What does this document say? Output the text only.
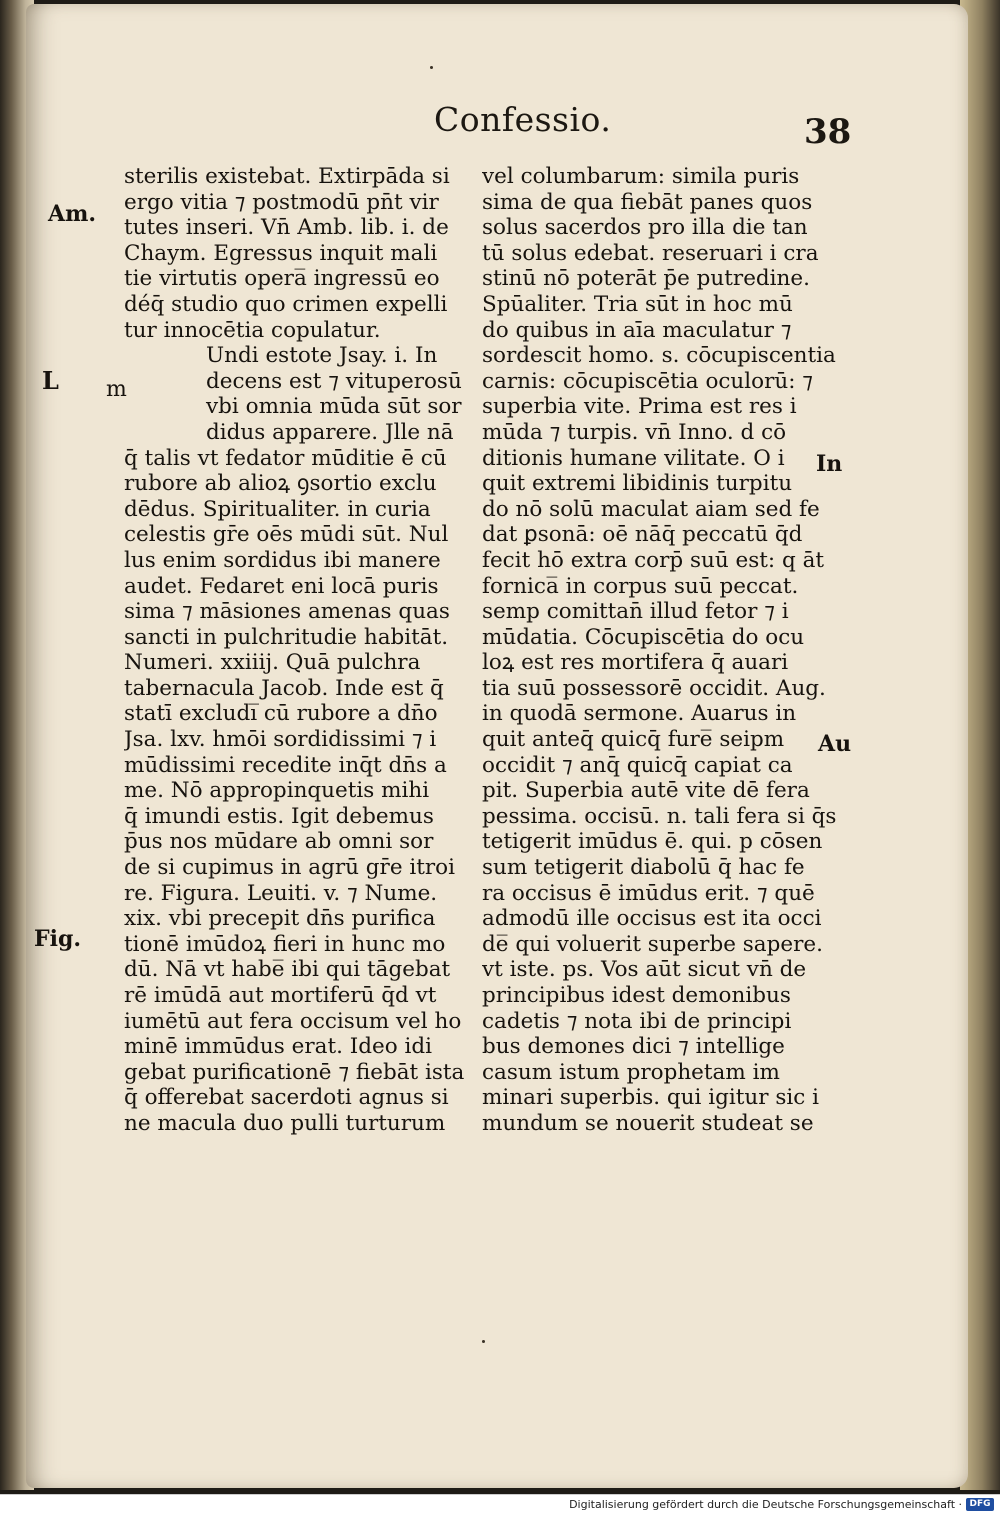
Confessio.	38
sterilis existebat. Extirpāda si
ergo vitia ⁊ postmodū pn̄t vir
tutes inseri. Vn̄ Amb. lib. i. de
Chaym. Egressus inquit mali
tie virtutis opera̅ ingressū eo
déq̄ studio quo crimen expelli
tur innocētia copulatur.
Undi estote Jsay. i. In
decens est ⁊ vituperosū
vbi omnia mūda sūt sor
didus apparere. Jlle nā
q̄ talis vt fedator mūditie ē cū
rubore ab alioꝝ ꝯsortio exclu
dēdus. Spiritualiter. in curia
celestis gr̄e oēs mūdi sūt. Nul
lus enim sordidus ibi manere
audet. Fedaret eni locā puris
sima ⁊ māsiones amenas quas
sancti in pulchritudie habitāt.
Numeri. xxiiij. Quā pulchra
tabernacula Jacob. Inde est q̄
statī excludi̅ cū rubore a dn̄o
Jsa. lxv. hmōi sordidissimi ⁊ i
mūdissimi recedite inq̄t dn̄s a
me. Nō appropinquetis mihi
q̄ imundi estis. Igit̄ debemus
p̄us nos mūdare ab omni sor
de si cupimus in agrū gr̄e itroi
re. Figura. Leuiti. v. ⁊ Nume.
xix. vbi precepit dn̄s purifica
tionē imūdoꝝ fieri in hunc mo
dū. Nā vt habe̅ ibi qui tāgebat
rē imūdā aut mortiferū q̄d vt
iumētū aut fera occisum vel ho
minē immūdus erat. Ideo idi
gebat purificationē ⁊ fiebāt ista
q̄ offerebat̄ sacerdoti agnus si
ne macula duo pulli turturum
vel columbarum: simila puris
sima de qua fiebāt panes quos
solus sacerdos pro illa die tan
tū solus edebat. reseruari i cra
stinū nō poterāt p̄e putredine.
Spūaliter. Tria sūt in hoc mū
do quibus in aīa maculatur ⁊
sordescit homo. s. cōcupiscentia
carnis: cōcupiscētia oculorū: ⁊
superbia vite. Prima est res i
mūda ⁊ turpis. vn̄ Inno. d̄ cō
ditionis humane vilitate. O i
quit extremi libidinis turpitu
do nō solū maculat aiam sed fe
dat ꝑsonā: oē nāq̄ peccatū q̄d
fecit hō extra corp̄ suū est: q āt
fornica̅ in corpus suū peccat.
semp comittan̄ illud fetor ⁊ i
mūdatia. Cōcupiscētia do ocu
loꝝ est res mortifera q̄ auari
tia suū possessorē occidit. Aug.
in quodā sermone. Auarus in
quit anteq̄ quicq̄ fure̅ seipm
occidit ⁊ anq̄ quicq̄ capiat ca
pit. Superbia autē vite dē fera
pessima. occisū. n. tali fera si q̄s
tetigerit imūdus ē. qui. p cōsen
sum tetigerit diabolū q̄ hac fe
ra occisus ē imūdus erit. ⁊ quē
admodū ille occisus est ita occi
de̅ qui voluerit superbe sapere.
vt iste. ps. Vos aūt sicut vn̄ de
principibus idest demonibus
cadetis ⁊ nota ibi de principi
bus demones dici ⁊ intellige
casum istum prophetam im
minari superbis. qui igitur sic i
mundum se nouerit studeat se
Am.
L m
In
Au
Fig.
Digitalisierung gefördert durch die Deutsche Forschungsgemeinschaft · DFG
